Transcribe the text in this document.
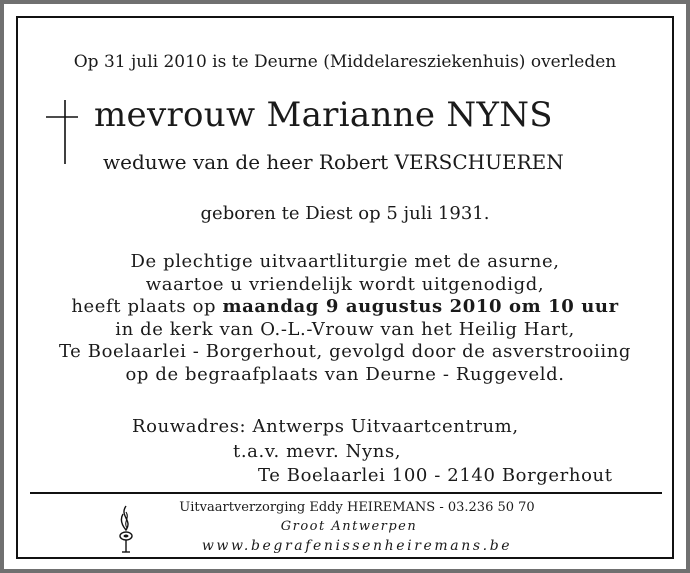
Op 31 juli 2010 is te Deurne (Middelaresziekenhuis) overleden
mevrouw Marianne NYNS
weduwe van de heer Robert VERSCHUEREN
geboren te Diest op 5 juli 1931.
De plechtige uitvaartliturgie met de asurne,
waartoe u vriendelijk wordt uitgenodigd,
heeft plaats op maandag 9 augustus 2010 om 10 uur
in de kerk van O.-L.-Vrouw van het Heilig Hart,
Te Boelaarlei - Borgerhout, gevolgd door de asverstrooiing
op de begraafplaats van Deurne - Ruggeveld.
Rouwadres: Antwerps Uitvaartcentrum,
t.a.v. mevr. Nyns,
Te Boelaarlei 100 - 2140 Borgerhout
Uitvaartverzorging Eddy HEIREMANS - 03.236 50 70
Groot Antwerpen
www.begrafenissenheiremans.be
